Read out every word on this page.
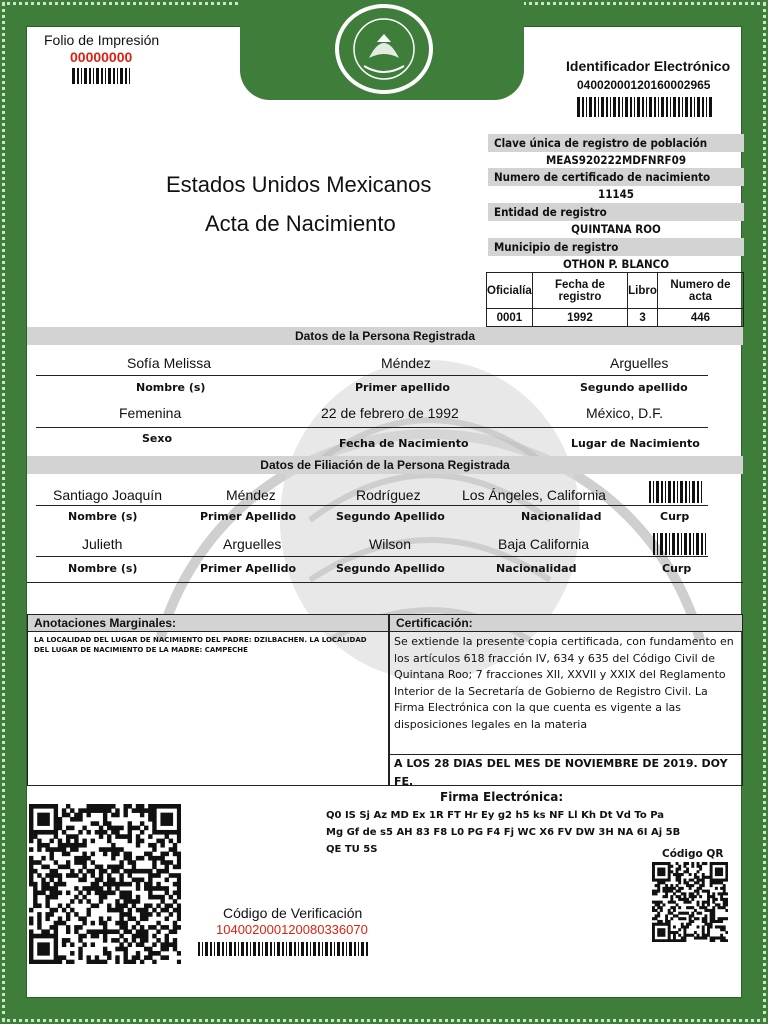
Folio de Impresión
00000000
Identificador Electrónico
04002000120160002965
Estados Unidos Mexicanos
Acta de Nacimiento
Clave única de registro de población
MEAS920222MDFNRF09
Numero de certificado de nacimiento
11145
Entidad de registro
QUINTANA ROO
Municipio de registro
OTHON P. BLANCO
Oficialía	Fecha de registro	Libro	Numero de acta
0001	1992	3	446
Datos de la Persona Registrada
Sofía Melissa	Méndez	Arguelles
Nombre (s)	Primer apellido	Segundo apellido
Femenina	22 de febrero de 1992	México, D.F.
Sexo	Fecha de Nacimiento	Lugar de Nacimiento
Datos de Filiación de la Persona Registrada
Santiago Joaquín	Méndez	Rodríguez	Los Ángeles, California
Nombre (s)	Primer Apellido	Segundo Apellido	Nacionalidad	Curp
Julieth	Arguelles	Wilson	Baja California
Nombre (s)	Primer Apellido	Segundo Apellido	Nacionalidad	Curp
Anotaciones Marginales:
LA LOCALIDAD DEL LUGAR DE NACIMIENTO DEL PADRE: DZILBACHEN. LA LOCALIDAD DEL LUGAR DE NACIMIENTO DE LA MADRE: CAMPECHE
Certificación:
Se extiende la presente copia certificada, con fundamento en los artículos 618 fracción IV, 634 y 635 del Código Civil de Quintana Roo; 7 fracciones XII, XXVII y XXIX del Reglamento Interior de la Secretaría de Gobierno de Registro Civil. La Firma Electrónica con la que cuenta es vigente a las disposiciones legales en la materia
A LOS 28 DIAS DEL MES DE NOVIEMBRE DE 2019. DOY FE.
Firma Electrónica:
Q0 IS Sj Az MD Ex 1R FT Hr Ey g2 h5 ks NF Ll Kh Dt Vd To Pa Mg Gf de s5 AH 83 F8 L0 PG F4 Fj WC X6 FV DW 3H NA 6I Aj 5B QE TU 5S	Código QR
Código de Verificación
104002000120080336070
